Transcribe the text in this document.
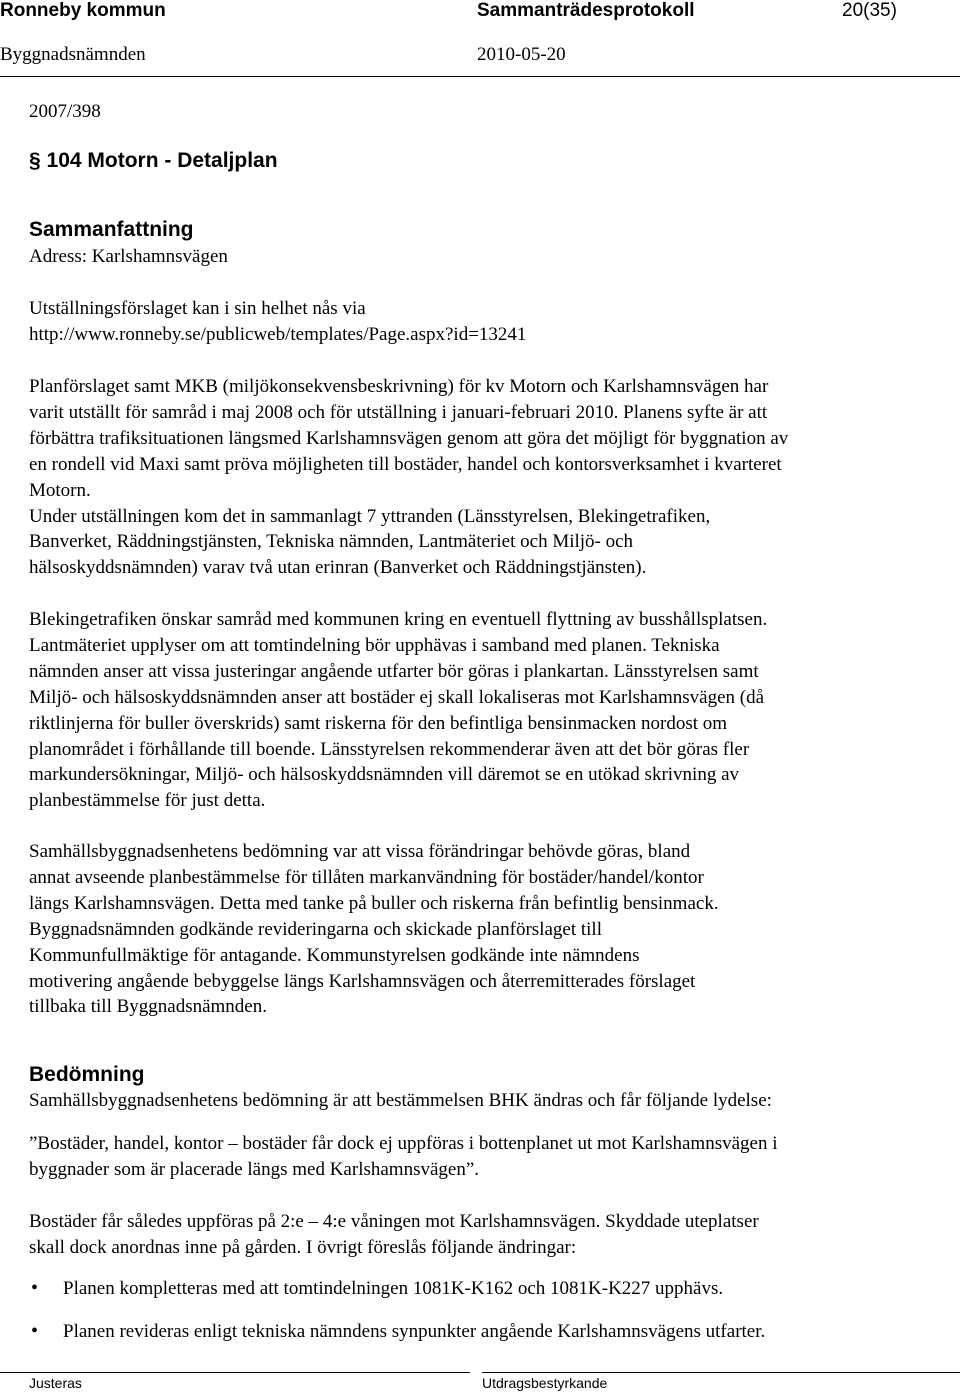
Ronneby kommun	Sammanträdesprotokoll	20(35)
Byggnadsnämnden	2010-05-20
2007/398
§ 104 Motorn - Detaljplan
Sammanfattning
Adress: Karlshamnsvägen
Utställningsförslaget kan i sin helhet nås via
http://www.ronneby.se/publicweb/templates/Page.aspx?id=13241
Planförslaget samt MKB (miljökonsekvensbeskrivning) för kv Motorn och Karlshamnsvägen har
varit utställt för samråd i maj 2008 och för utställning i januari-februari 2010. Planens syfte är att
förbättra trafiksituationen längsmed Karlshamnsvägen genom att göra det möjligt för byggnation av
en rondell vid Maxi samt pröva möjligheten till bostäder, handel och kontorsverksamhet i kvarteret
Motorn.
Under utställningen kom det in sammanlagt 7 yttranden (Länsstyrelsen, Blekingetrafiken,
Banverket, Räddningstjänsten, Tekniska nämnden, Lantmäteriet och Miljö- och
hälsoskyddsnämnden) varav två utan erinran (Banverket och Räddningstjänsten).
Blekingetrafiken önskar samråd med kommunen kring en eventuell flyttning av busshållsplatsen.
Lantmäteriet upplyser om att tomtindelning bör upphävas i samband med planen. Tekniska
nämnden anser att vissa justeringar angående utfarter bör göras i plankartan. Länsstyrelsen samt
Miljö- och hälsoskyddsnämnden anser att bostäder ej skall lokaliseras mot Karlshamnsvägen (då
riktlinjerna för buller överskrids) samt riskerna för den befintliga bensinmacken nordost om
planområdet i förhållande till boende. Länsstyrelsen rekommenderar även att det bör göras fler
markundersökningar, Miljö- och hälsoskyddsnämnden vill däremot se en utökad skrivning av
planbestämmelse för just detta.
Samhällsbyggnadsenhetens bedömning var att vissa förändringar behövde göras, bland
annat avseende planbestämmelse för tillåten markanvändning för bostäder/handel/kontor
längs Karlshamnsvägen. Detta med tanke på buller och riskerna från befintlig bensinmack.
Byggnadsnämnden godkände revideringarna och skickade planförslaget till
Kommunfullmäktige för antagande. Kommunstyrelsen godkände inte nämndens
motivering angående bebyggelse längs Karlshamnsvägen och återremitterades förslaget
tillbaka till Byggnadsnämnden.
Bedömning
Samhällsbyggnadsenhetens bedömning är att bestämmelsen BHK ändras och får följande lydelse:
”Bostäder, handel, kontor – bostäder får dock ej uppföras i bottenplanet ut mot Karlshamnsvägen i
byggnader som är placerade längs med Karlshamnsvägen”.
Bostäder får således uppföras på 2:e – 4:e våningen mot Karlshamnsvägen. Skyddade uteplatser
skall dock anordnas inne på gården. I övrigt föreslås följande ändringar:
• Planen kompletteras med att tomtindelningen 1081K-K162 och 1081K-K227 upphävs.
• Planen revideras enligt tekniska nämndens synpunkter angående Karlshamnsvägens utfarter.
Justeras	Utdragsbestyrkande
